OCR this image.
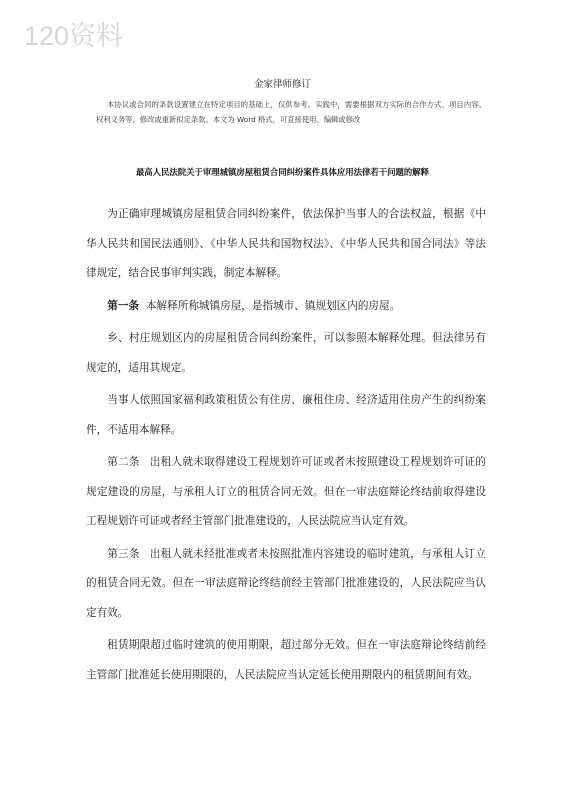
120资料
金家律师修订
本协议或合同的条款设置建立在特定项目的基础上，仅供参考。实践中，需要根据双方实际的合作方式、项目内容、权利义务等，修改或重新拟定条款。本文为 Word 格式，可直接使用、编辑或修改
最高人民法院关于审理城镇房屋租赁合同纠纷案件具体应用法律若干问题的解释

为正确审理城镇房屋租赁合同纠纷案件，依法保护当事人的合法权益，根据《中华人民共和国民法通则》、《中华人民共和国物权法》、《中华人民共和国合同法》等法律规定，结合民事审判实践，制定本解释。

第一条 本解释所称城镇房屋，是指城市、镇规划区内的房屋。

乡、村庄规划区内的房屋租赁合同纠纷案件，可以参照本解释处理。但法律另有规定的，适用其规定。

当事人依照国家福利政策租赁公有住房、廉租住房、经济适用住房产生的纠纷案件，不适用本解释。

第二条 出租人就未取得建设工程规划许可证或者未按照建设工程规划许可证的规定建设的房屋，与承租人订立的租赁合同无效。但在一审法庭辩论终结前取得建设工程规划许可证或者经主管部门批准建设的，人民法院应当认定有效。

第三条 出租人就未经批准或者未按照批准内容建设的临时建筑，与承租人订立的租赁合同无效。但在一审法庭辩论终结前经主管部门批准建设的，人民法院应当认定有效。

租赁期限超过临时建筑的使用期限，超过部分无效。但在一审法庭辩论终结前经主管部门批准延长使用期限的，人民法院应当认定延长使用期限内的租赁期间有效。
